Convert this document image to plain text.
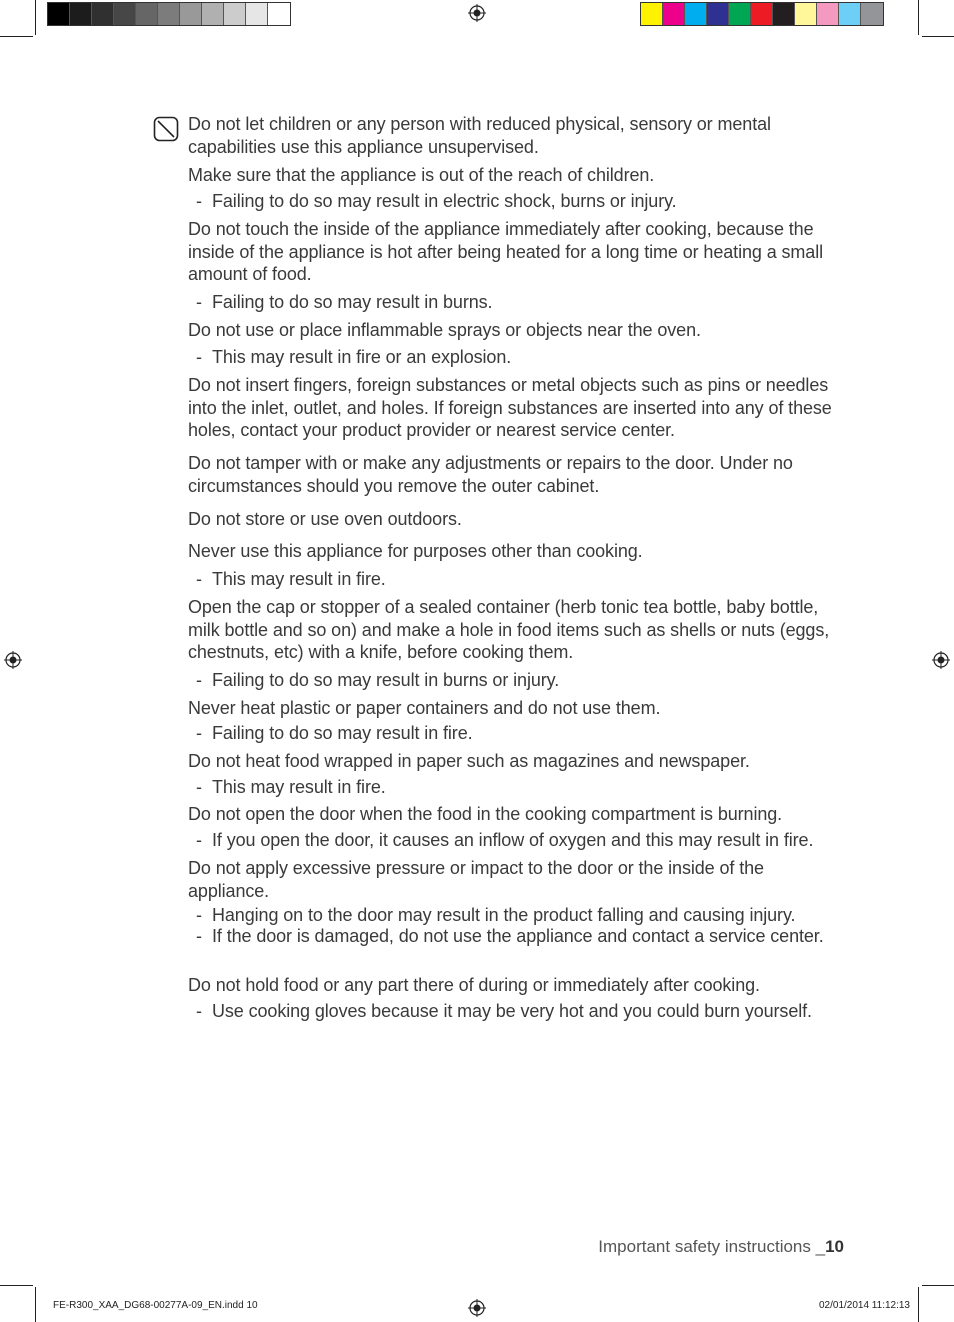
Do not let children or any person with reduced physical, sensory or mental capabilities use this appliance unsupervised.
Make sure that the appliance is out of the reach of children.
- Failing to do so may result in electric shock, burns or injury.
Do not touch the inside of the appliance immediately after cooking, because the inside of the appliance is hot after being heated for a long time or heating a small amount of food.
- Failing to do so may result in burns.
Do not use or place inflammable sprays or objects near the oven.
- This may result in fire or an explosion.
Do not insert fingers, foreign substances or metal objects such as pins or needles into the inlet, outlet, and holes. If foreign substances are inserted into any of these holes, contact your product provider or nearest service center.
Do not tamper with or make any adjustments or repairs to the door. Under no circumstances should you remove the outer cabinet.
Do not store or use oven outdoors.
Never use this appliance for purposes other than cooking.
- This may result in fire.
Open the cap or stopper of a sealed container (herb tonic tea bottle, baby bottle, milk bottle and so on) and make a hole in food items such as shells or nuts (eggs, chestnuts, etc) with a knife, before cooking them.
- Failing to do so may result in burns or injury.
Never heat plastic or paper containers and do not use them.
- Failing to do so may result in fire.
Do not heat food wrapped in paper such as magazines and newspaper.
- This may result in fire.
Do not open the door when the food in the cooking compartment is burning.
- If you open the door, it causes an inflow of oxygen and this may result in fire.
Do not apply excessive pressure or impact to the door or the inside of the appliance.
- Hanging on to the door may result in the product falling and causing injury.
- If the door is damaged, do not use the appliance and contact a service center.
Do not hold food or any part there of during or immediately after cooking.
- Use cooking gloves because it may be very hot and you could burn yourself.
Important safety instructions _10
FE-R300_XAA_DG68-00277A-09_EN.indd 10	02/01/2014 11:12:13
